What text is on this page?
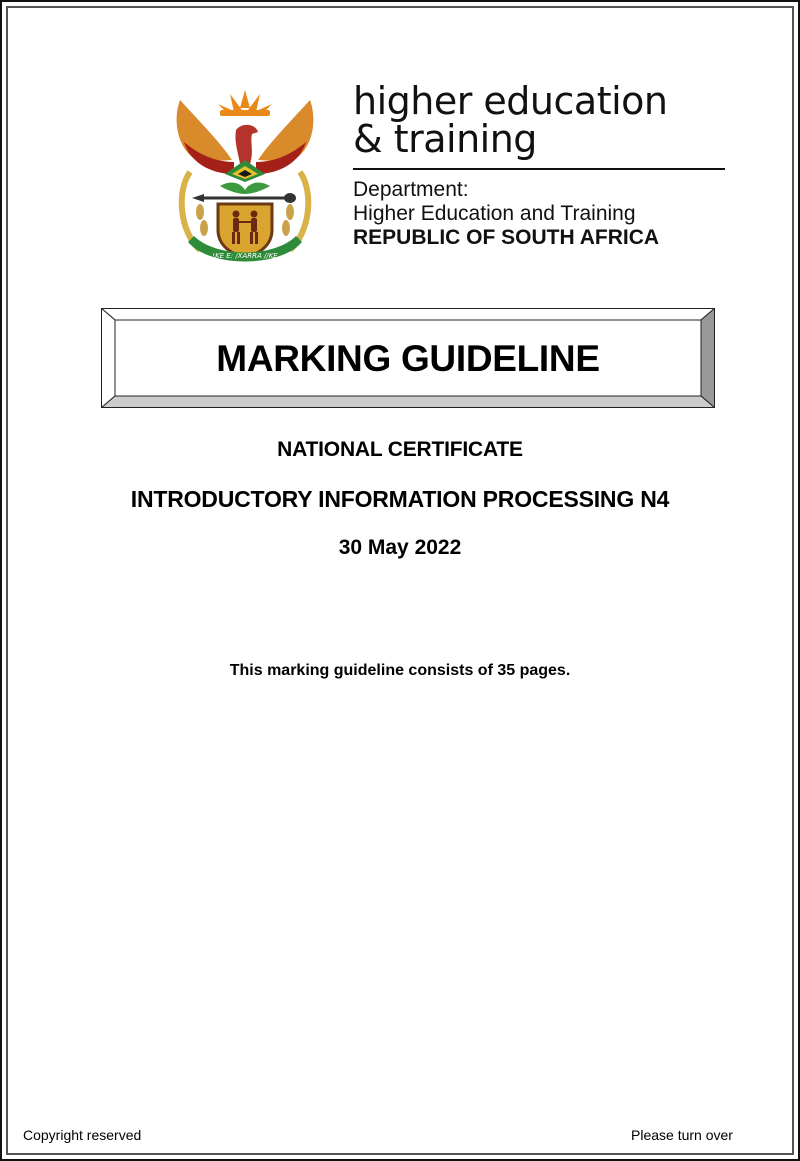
!KE E: /XARRA //KE
higher education
& training
Department:
Higher Education and Training
REPUBLIC OF SOUTH AFRICA
MARKING GUIDELINE
NATIONAL CERTIFICATE
INTRODUCTORY INFORMATION PROCESSING N4
30 May 2022
This marking guideline consists of 35 pages.
Copyright reserved	Please turn over
